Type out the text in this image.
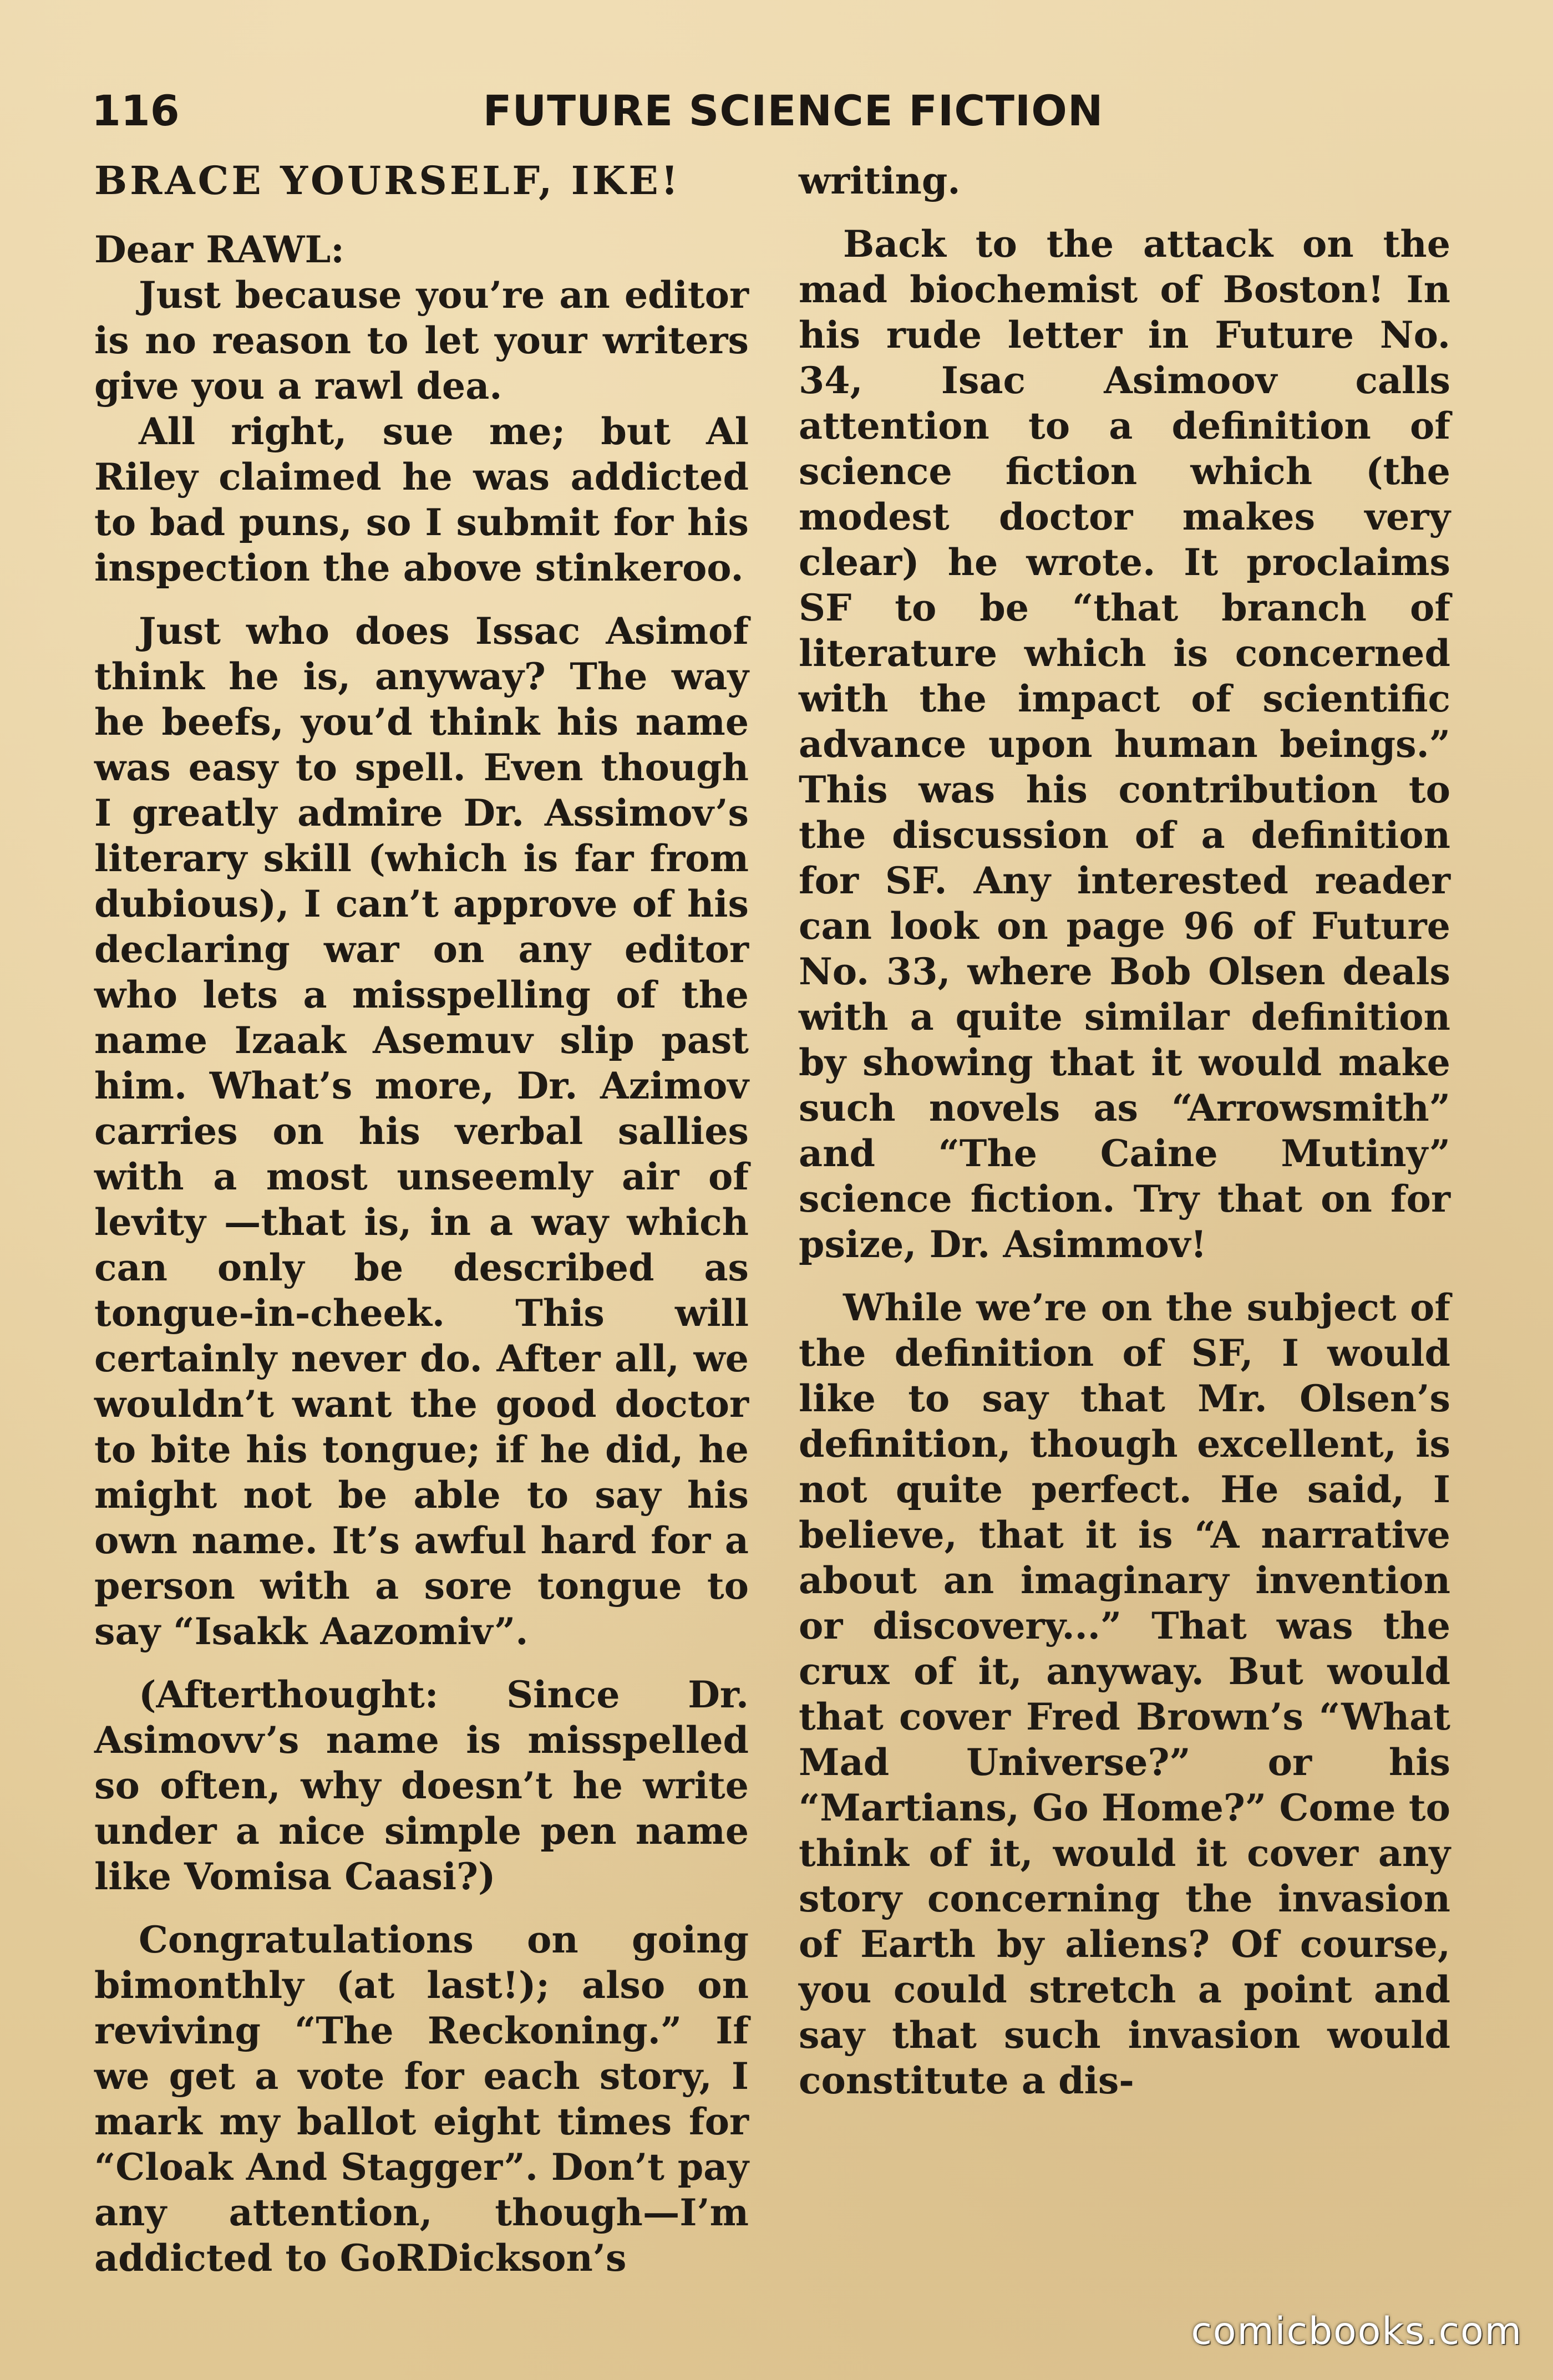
116	FUTURE SCIENCE FICTION

BRACE YOURSELF, IKE!

Dear RAWL:

Just because you’re an editor is no reason to let your writers give you a rawl dea.

All right, sue me; but Al Riley claimed he was addicted to bad puns, so I submit for his inspection the above stinkeroo.

Just who does Issac Asimof think he is, anyway? The way he beefs, you’d think his name was easy to spell. Even though I greatly admire Dr. Assimov’s literary skill (which is far from dubious), I can’t approve of his declaring war on any editor who lets a misspelling of the name Izaak Asemuv slip past him. What’s more, Dr. Azimov carries on his verbal sallies with a most unseemly air of levity —that is, in a way which can only be described as tongue-in-cheek. This will certainly never do. After all, we wouldn’t want the good doctor to bite his tongue; if he did, he might not be able to say his own name. It’s awful hard for a person with a sore tongue to say “Isakk Aazomiv”.

(Afterthought: Since Dr. Asimovv’s name is misspelled so often, why doesn’t he write under a nice simple pen name like Vomisa Caasi?)

Congratulations on going bimonthly (at last!); also on reviving “The Reckoning.” If we get a vote for each story, I mark my ballot eight times for “Cloak And Stagger”. Don’t pay any attention, though—I’m addicted to GoRDickson’s

writing.

Back to the attack on the mad biochemist of Boston! In his rude letter in Future No. 34, Isac Asimoov calls attention to a definition of science fiction which (the modest doctor makes very clear) he wrote. It proclaims SF to be “that branch of literature which is concerned with the impact of scientific advance upon human beings.” This was his contribution to the discussion of a definition for SF. Any interested reader can look on page 96 of Future No. 33, where Bob Olsen deals with a quite similar definition by showing that it would make such novels as “Arrowsmith” and “The Caine Mutiny” science fiction. Try that on for psize, Dr. Asimmov!

While we’re on the subject of the definition of SF, I would like to say that Mr. Olsen’s definition, though excellent, is not quite perfect. He said, I believe, that it is “A narrative about an imaginary invention or discovery...” That was the crux of it, anyway. But would that cover Fred Brown’s “What Mad Universe?” or his “Martians, Go Home?” Come to think of it, would it cover any story concerning the invasion of Earth by aliens? Of course, you could stretch a point and say that such invasion would constitute a dis-

comicbooks.com
